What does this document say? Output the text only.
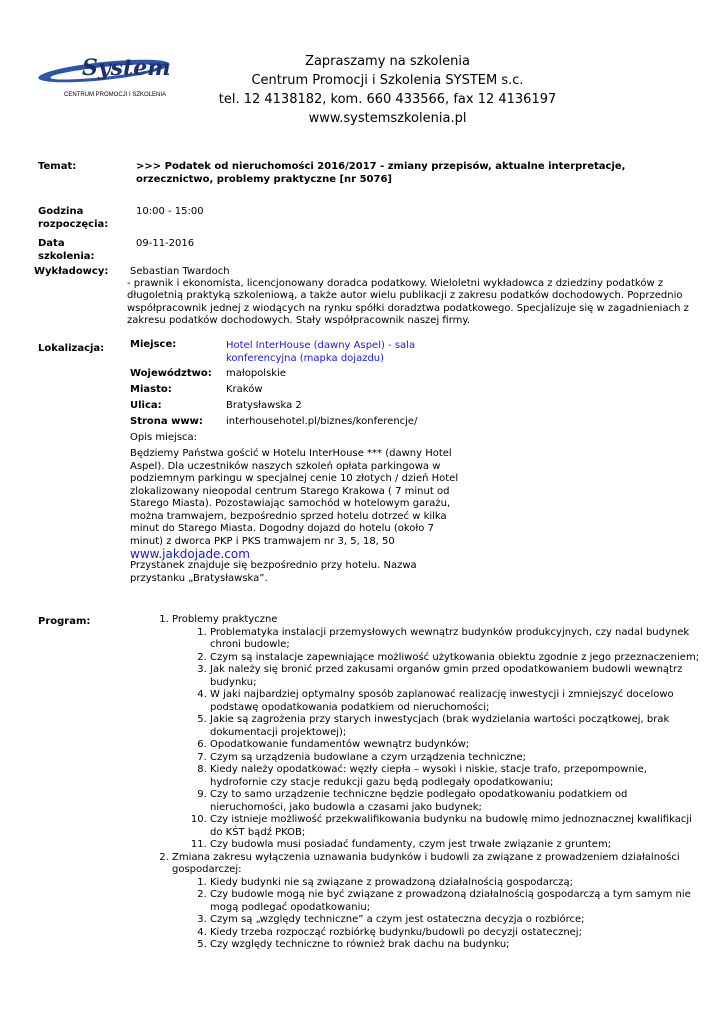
System
CENTRUM PROMOCJI I SZKOLENIA
Zapraszamy na szkolenia
Centrum Promocji i Szkolenia SYSTEM s.c.
tel. 12 4138182, kom. 660 433566, fax 12 4136197
www.systemszkolenia.pl
Temat:	>>> Podatek od nieruchomości 2016/2017 - zmiany przepisów, aktualne interpretacje, orzecznictwo, problemy praktyczne [nr 5076]
Godzina
rozpoczęcia:
10:00 - 15:00
Data
szkolenia:
09-11-2016
Wykładowcy: Sebastian Twardoch
- prawnik i ekonomista, licencjonowany doradca podatkowy. Wieloletni wykładowca z dziedziny podatków z długoletnią praktyką szkoleniową, a także autor wielu publikacji z zakresu podatków dochodowych. Poprzednio współpracownik jednej z wiodących na rynku spółki doradztwa podatkowego. Specjalizuje się w zagadnieniach z zakresu podatków dochodowych. Stały współpracownik naszej firmy.
Lokalizacja:	Miejsce:	Hotel InterHouse (dawny Aspel) - sala konferencyjna (mapka dojazdu)
Województwo: małopolskie
Miasto:	Kraków
Ulica:	Bratysławska 2
Strona www: interhousehotel.pl/biznes/konferencje/
Opis miejsca:
Będziemy Państwa gościć w Hotelu InterHouse *** (dawny Hotel Aspel). Dla uczestników naszych szkoleń opłata parkingowa w podziemnym parkingu w specjalnej cenie 10 złotych / dzień Hotel zlokalizowany nieopodal centrum Starego Krakowa ( 7 minut od Starego Miasta). Pozostawiając samochód w hotelowym garażu, można tramwajem, bezpośrednio sprzed hotelu dotrzeć w kilka minut do Starego Miasta. Dogodny dojazd do hotelu (około 7 minut) z dworca PKP i PKS tramwajem nr 3, 5, 18, 50
www.jakdojade.com
Przystanek znajduje się bezpośrednio przy hotelu. Nazwa przystanku „Bratysławska”.
Program:	1. Problemy praktyczne
1. Problematyka instalacji przemysłowych wewnątrz budynków produkcyjnych, czy nadal budynek chroni budowle;
2. Czym są instalacje zapewniające możliwość użytkowania obiektu zgodnie z jego przeznaczeniem;
3. Jak należy się bronić przed zakusami organów gmin przed opodatkowaniem budowli wewnątrz budynku;
4. W jaki najbardziej optymalny sposób zaplanować realizację inwestycji i zmniejszyć docelowo podstawę opodatkowania podatkiem od nieruchomości;
5. Jakie są zagrożenia przy starych inwestycjach (brak wydzielania wartości początkowej, brak dokumentacji projektowej);
6. Opodatkowanie fundamentów wewnątrz budynków;
7. Czym są urządzenia budowlane a czym urządzenia techniczne;
8. Kiedy należy opodatkować: węzły ciepła – wysoki i niskie, stacje trafo, przepompownie, hydrofornie czy stacje redukcji gazu będą podlegały opodatkowaniu;
9. Czy to samo urządzenie techniczne będzie podlegało opodatkowaniu podatkiem od nieruchomości, jako budowla a czasami jako budynek;
10. Czy istnieje możliwość przekwalifikowania budynku na budowlę mimo jednoznacznej kwalifikacji do KŚT bądź PKOB;
11. Czy budowla musi posiadać fundamenty, czym jest trwałe związanie z gruntem;
2. Zmiana zakresu wyłączenia uznawania budynków i budowli za związane z prowadzeniem działalności gospodarczej:
1. Kiedy budynki nie są związane z prowadzoną działalnością gospodarczą;
2. Czy budowle mogą nie być związane z prowadzoną działalnością gospodarczą a tym samym nie mogą podlegać opodatkowaniu;
3. Czym są „względy techniczne” a czym jest ostateczna decyzja o rozbiórce;
4. Kiedy trzeba rozpocząć rozbiórkę budynku/budowli po decyzji ostatecznej;
5. Czy względy techniczne to również brak dachu na budynku;
